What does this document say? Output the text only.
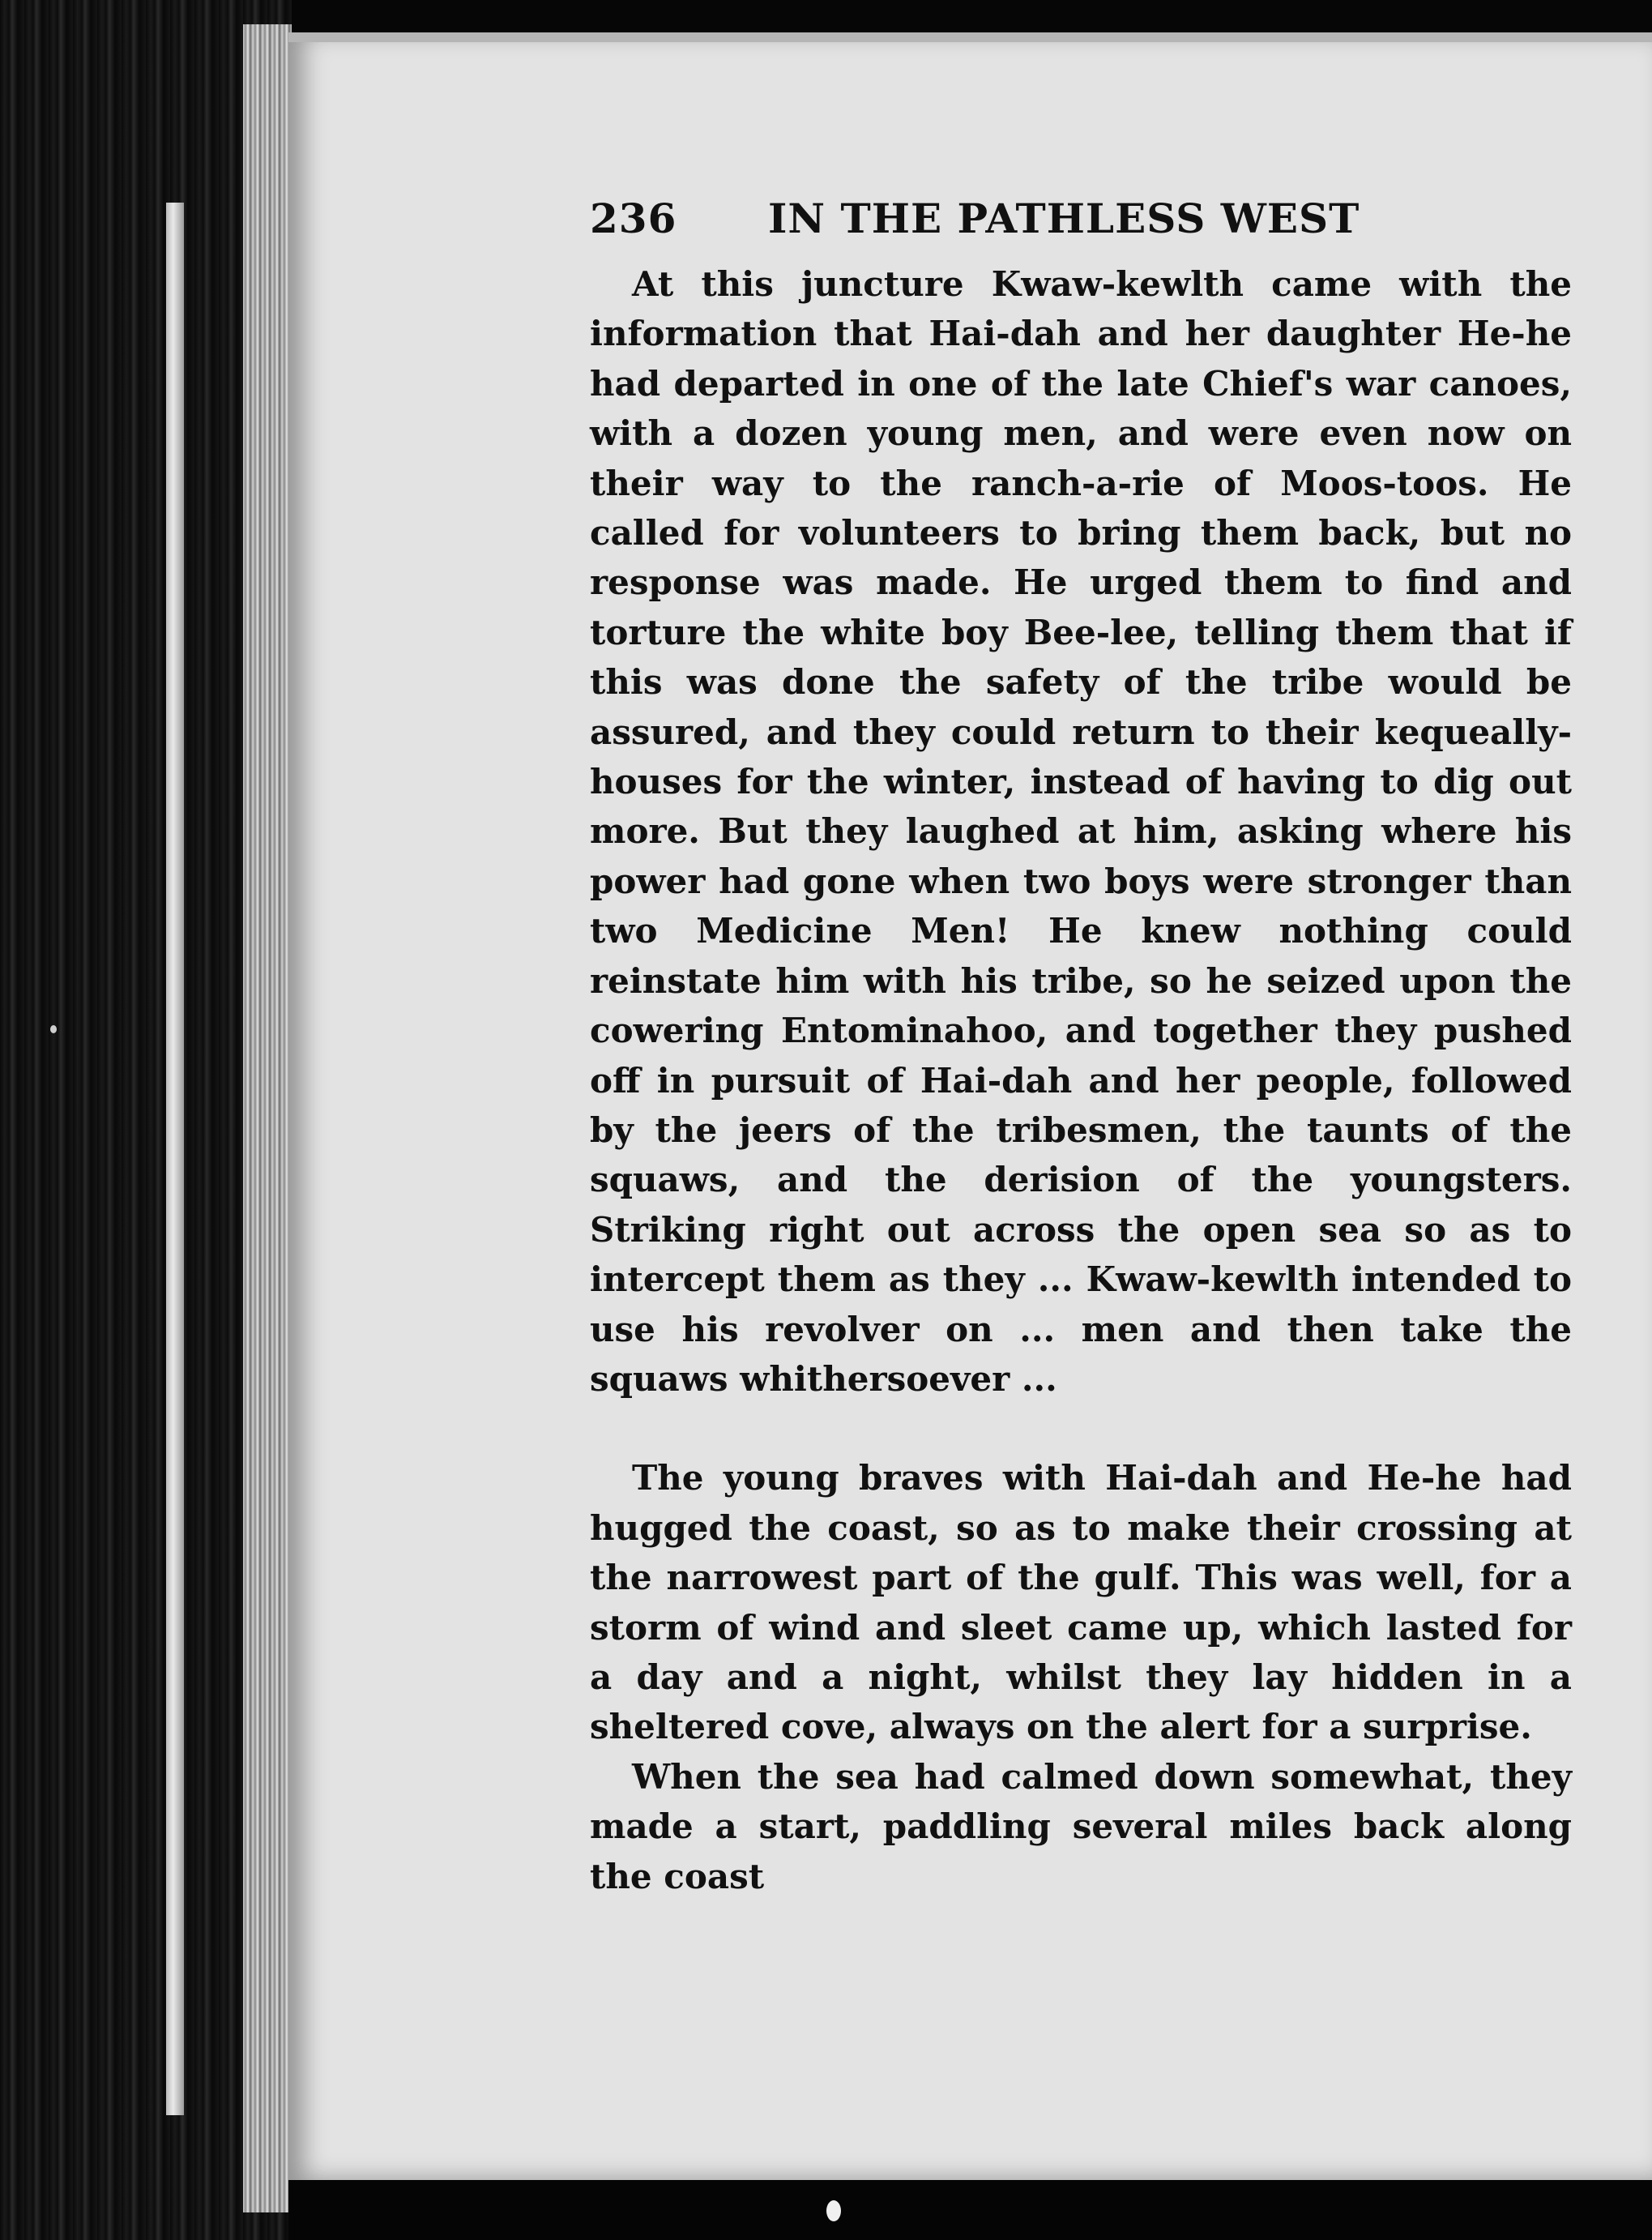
236	IN THE PATHLESS WEST

At this juncture Kwaw-kewlth came with the information that Hai-dah and her daughter He-he had departed in one of the late Chief's war canoes, with a dozen young men, and were even now on their way to the ranch-a-rie of Moos-toos. He called for volunteers to bring them back, but no response was made. He urged them to find and torture the white boy Bee-lee, telling them that if this was done the safety of the tribe would be assured, and they could return to their kequeally-houses for the winter, instead of having to dig out more. But they laughed at him, asking where his power had gone when two boys were stronger than two Medicine Men! He knew nothing could reinstate him with his tribe, so he seized upon the cowering Entominahoo, and together they pushed off in pursuit of Hai-dah and her people, followed by the jeers of the tribesmen, the taunts of the squaws, and the derision of the youngsters. Striking right out across the open sea so as to intercept them as they ... Kwaw-kewlth intended to use his revolver on ... men and then take the squaws whithersoever ...

The young braves with Hai-dah and He-he had hugged the coast, so as to make their crossing at the narrowest part of the gulf. This was well, for a storm of wind and sleet came up, which lasted for a day and a night, whilst they lay hidden in a sheltered cove, always on the alert for a surprise.

When the sea had calmed down somewhat, they made a start, paddling several miles back along the coast
